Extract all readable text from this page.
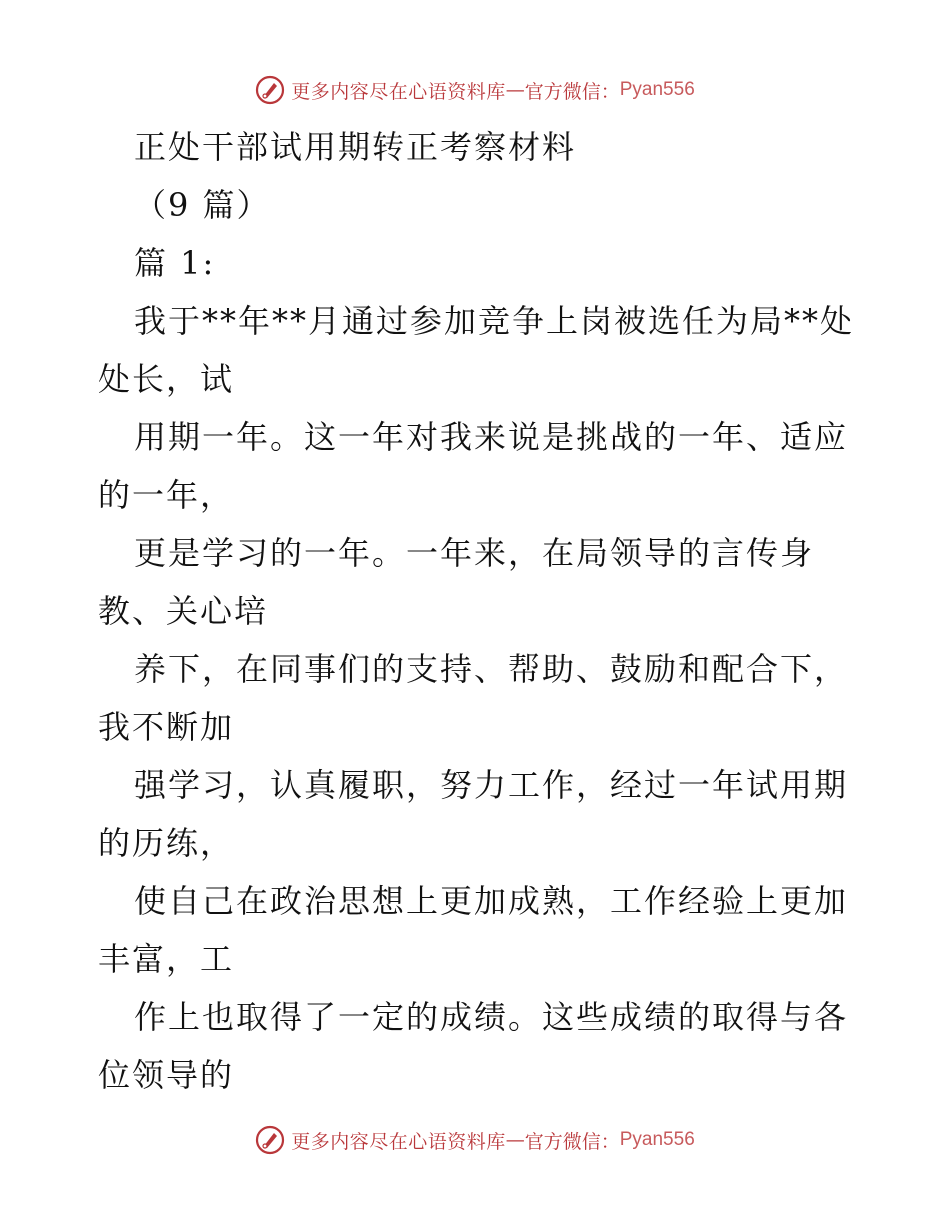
更多内容尽在心语资料库 — 官方微信： Pyan556
正处干部试用期转正考察材料
（9 篇）
篇 1:
我于**年**月通过参加竞争上岗被选任为局**处
处长，试
用期一年。这一年对我来说是挑战的一年、适应
的一年，
更是学习的一年。一年来，在局领导的言传身
教、关心培
养下，在同事们的支持、帮助、鼓励和配合下，
我不断加
强学习，认真履职，努力工作，经过一年试用期
的历练，
使自己在政治思想上更加成熟，工作经验上更加
丰富，工
作上也取得了一定的成绩。这些成绩的取得与各
位领导的
更多内容尽在心语资料库 — 官方微信： Pyan556
